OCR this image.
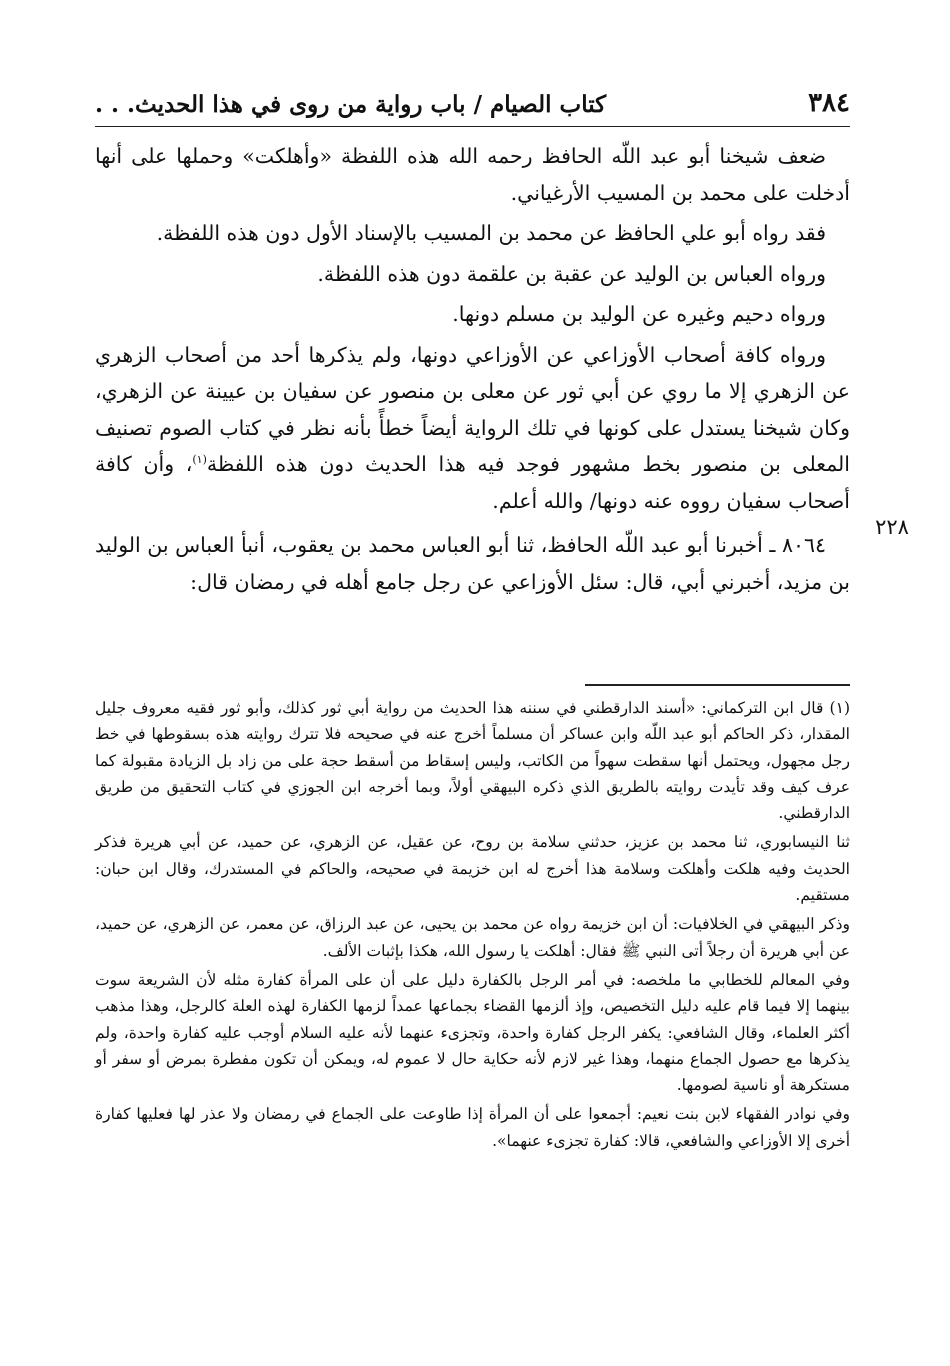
٣٨٤
كتاب الصيام / باب رواية من روى في هذا الحديث. . .

ضعف شيخنا أبو عبد اللّه الحافظ رحمه الله هذه اللفظة «وأهلكت» وحملها على أنها أدخلت على محمد بن المسيب الأرغياني.

فقد رواه أبو علي الحافظ عن محمد بن المسيب بالإسناد الأول دون هذه اللفظة.

ورواه العباس بن الوليد عن عقبة بن علقمة دون هذه اللفظة.

ورواه دحيم وغيره عن الوليد بن مسلم دونها.

ورواه كافة أصحاب الأوزاعي عن الأوزاعي دونها، ولم يذكرها أحد من أصحاب الزهري عن الزهري إلا ما روي عن أبي ثور عن معلى بن منصور عن سفيان بن عيينة عن الزهري، وكان شيخنا يستدل على كونها في تلك الرواية أيضاً خطأً بأنه نظر في كتاب الصوم تصنيف المعلى بن منصور بخط مشهور فوجد فيه هذا الحديث دون هذه اللفظة$^{(١)}$، وأن كافة أصحاب سفيان رووه عنه دونها/ والله أعلم.

٨٠٦٤ ـ أخبرنا أبو عبد اللّه الحافظ، ثنا أبو العباس محمد بن يعقوب، أنبأ العباس بن الوليد بن مزيد، أخبرني أبي، قال: سئل الأوزاعي عن رجل جامع أهله في رمضان قال:

٢٢٨

(١) قال ابن التركماني: «أسند الدارقطني في سننه هذا الحديث من رواية أبي ثور كذلك، وأبو ثور فقيه معروف جليل المقدار، ذكر الحاكم أبو عبد اللّه وابن عساكر أن مسلماً أخرج عنه في صحيحه فلا تترك روايته هذه بسقوطها في خط رجل مجهول، ويحتمل أنها سقطت سهواً من الكاتب، وليس إسقاط من أسقط حجة على من زاد بل الزيادة مقبولة كما عرف كيف وقد تأيدت روايته بالطريق الذي ذكره البيهقي أولاً، وبما أخرجه ابن الجوزي في كتاب التحقيق من طريق الدارقطني.

ثنا النيسابوري، ثنا محمد بن عزيز، حدثني سلامة بن روح، عن عقيل، عن الزهري، عن حميد، عن أبي هريرة فذكر الحديث وفيه هلكت وأهلكت وسلامة هذا أخرج له ابن خزيمة في صحيحه، والحاكم في المستدرك، وقال ابن حبان: مستقيم.

وذكر البيهقي في الخلافيات: أن ابن خزيمة رواه عن محمد بن يحيى، عن عبد الرزاق، عن معمر، عن الزهري، عن حميد، عن أبي هريرة أن رجلاً أتى النبي ﷺ فقال: أهلكت يا رسول الله، هكذا بإثبات الألف.

وفي المعالم للخطابي ما ملخصه: في أمر الرجل بالكفارة دليل على أن على المرأة كفارة مثله لأن الشريعة سوت بينهما إلا فيما قام عليه دليل التخصيص، وإذ ألزمها القضاء بجماعها عمداً لزمها الكفارة لهذه العلة كالرجل، وهذا مذهب أكثر العلماء، وقال الشافعي: يكفر الرجل كفارة واحدة، وتجزىء عنهما لأنه عليه السلام أوجب عليه كفارة واحدة، ولم يذكرها مع حصول الجماع منهما، وهذا غير لازم لأنه حكاية حال لا عموم له، ويمكن أن تكون مفطرة بمرض أو سفر أو مستكرهة أو ناسية لصومها.

وفي نوادر الفقهاء لابن بنت نعيم: أجمعوا على أن المرأة إذا طاوعت على الجماع في رمضان ولا عذر لها فعليها كفارة أخرى إلا الأوزاعي والشافعي، قالا: كفارة تجزىء عنهما».
